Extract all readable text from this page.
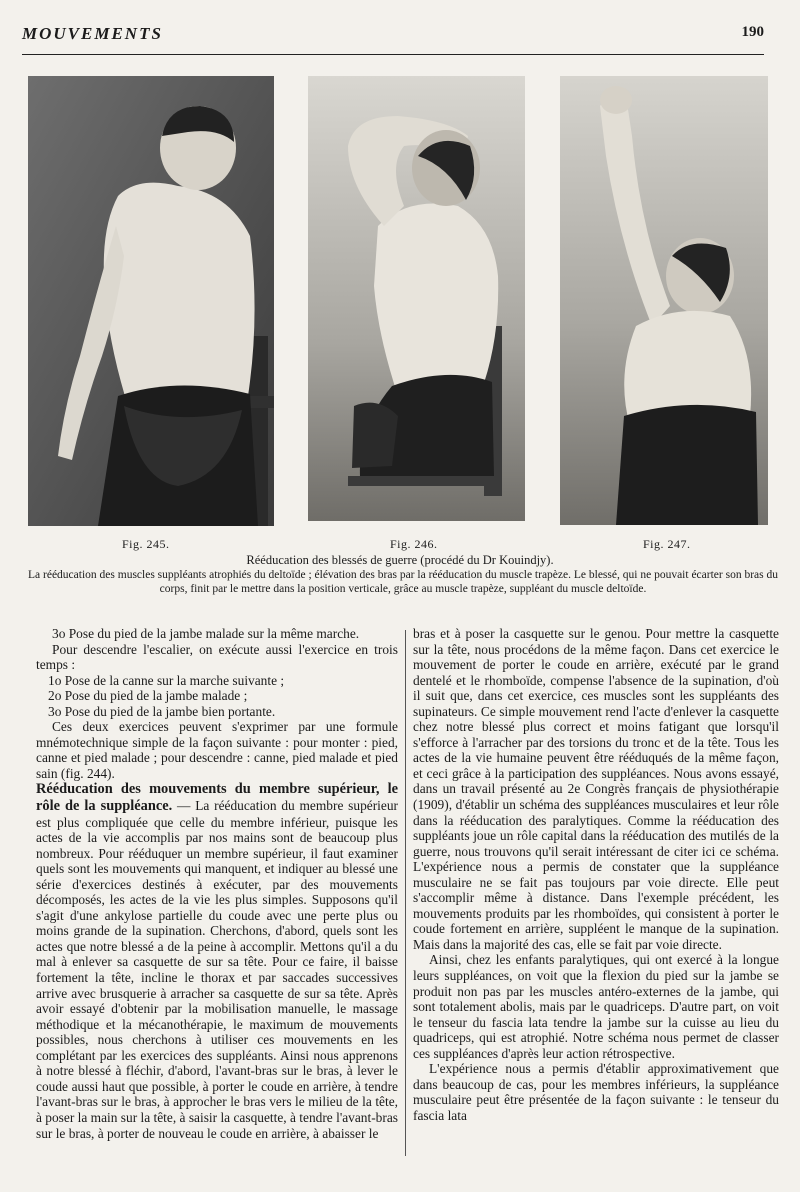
MOUVEMENTS	190
Fig. 245.	Fig. 246.	Fig. 247.
Rééducation des blessés de guerre (procédé du Dr Kouindjy).
La rééducation des muscles suppléants atrophiés du deltoïde ; élévation des bras par la rééducation du muscle trapèze. Le blessé, qui ne pouvait écarter son bras du corps, finit par le mettre dans la position verticale, grâce au muscle trapèze, suppléant du muscle deltoïde.

3o Pose du pied de la jambe malade sur la même marche.

Pour descendre l'escalier, on exécute aussi l'exercice en trois temps :

1o Pose de la canne sur la marche suivante ;

2o Pose du pied de la jambe malade ;

3o Pose du pied de la jambe bien portante.

Ces deux exercices peuvent s'exprimer par une formule mnémotechnique simple de la façon suivante : pour monter : pied, canne et pied malade ; pour descendre : canne, pied malade et pied sain (fig. 244).

Rééducation des mouvements du membre supérieur, le rôle de la suppléance. — La rééducation du membre supérieur est plus compliquée que celle du membre inférieur, puisque les actes de la vie accomplis par nos mains sont de beaucoup plus nombreux. Pour rééduquer un membre supérieur, il faut examiner quels sont les mouvements qui manquent, et indiquer au blessé une série d'exercices destinés à exécuter, par des mouvements décomposés, les actes de la vie les plus simples. Supposons qu'il s'agit d'une ankylose partielle du coude avec une perte plus ou moins grande de la supination. Cherchons, d'abord, quels sont les actes que notre blessé a de la peine à accomplir. Mettons qu'il a du mal à enlever sa casquette de sur sa tête. Pour ce faire, il baisse fortement la tête, incline le thorax et par saccades successives arrive avec brusquerie à arracher sa casquette de sur sa tête. Après avoir essayé d'obtenir par la mobilisation manuelle, le massage méthodique et la mécanothérapie, le maximum de mouvements possibles, nous cherchons à utiliser ces mouvements en les complétant par les exercices des suppléants. Ainsi nous apprenons à notre blessé à fléchir, d'abord, l'avant-bras sur le bras, à lever le coude aussi haut que possible, à porter le coude en arrière, à tendre l'avant-bras sur le bras, à approcher le bras vers le milieu de la tête, à poser la main sur la tête, à saisir la casquette, à tendre l'avant-bras sur le bras, à porter de nouveau le coude en arrière, à abaisser le

bras et à poser la casquette sur le genou. Pour mettre la casquette sur la tête, nous procédons de la même façon. Dans cet exercice le mouvement de porter le coude en arrière, exécuté par le grand dentelé et le rhomboïde, compense l'absence de la supination, d'où il suit que, dans cet exercice, ces muscles sont les suppléants des supinateurs. Ce simple mouvement rend l'acte d'enlever la casquette chez notre blessé plus correct et moins fatigant que lorsqu'il s'efforce à l'arracher par des torsions du tronc et de la tête. Tous les actes de la vie humaine peuvent être rééduqués de la même façon, et ceci grâce à la participation des suppléances. Nous avons essayé, dans un travail présenté au 2e Congrès français de physiothérapie (1909), d'établir un schéma des suppléances musculaires et leur rôle dans la rééducation des paralytiques. Comme la rééducation des suppléants joue un rôle capital dans la rééducation des mutilés de la guerre, nous trouvons qu'il serait intéressant de citer ici ce schéma. L'expérience nous a permis de constater que la suppléance musculaire ne se fait pas toujours par voie directe. Elle peut s'accomplir même à distance. Dans l'exemple précédent, les mouvements produits par les rhomboïdes, qui consistent à porter le coude fortement en arrière, suppléent le manque de la supination. Mais dans la majorité des cas, elle se fait par voie directe.

Ainsi, chez les enfants paralytiques, qui ont exercé à la longue leurs suppléances, on voit que la flexion du pied sur la jambe se produit non pas par les muscles antéro-externes de la jambe, qui sont totalement abolis, mais par le quadriceps. D'autre part, on voit le tenseur du fascia lata tendre la jambe sur la cuisse au lieu du quadriceps, qui est atrophié. Notre schéma nous permet de classer ces suppléances d'après leur action rétrospective.

L'expérience nous a permis d'établir approximativement que dans beaucoup de cas, pour les membres inférieurs, la suppléance musculaire peut être présentée de la façon suivante : le tenseur du fascia lata
